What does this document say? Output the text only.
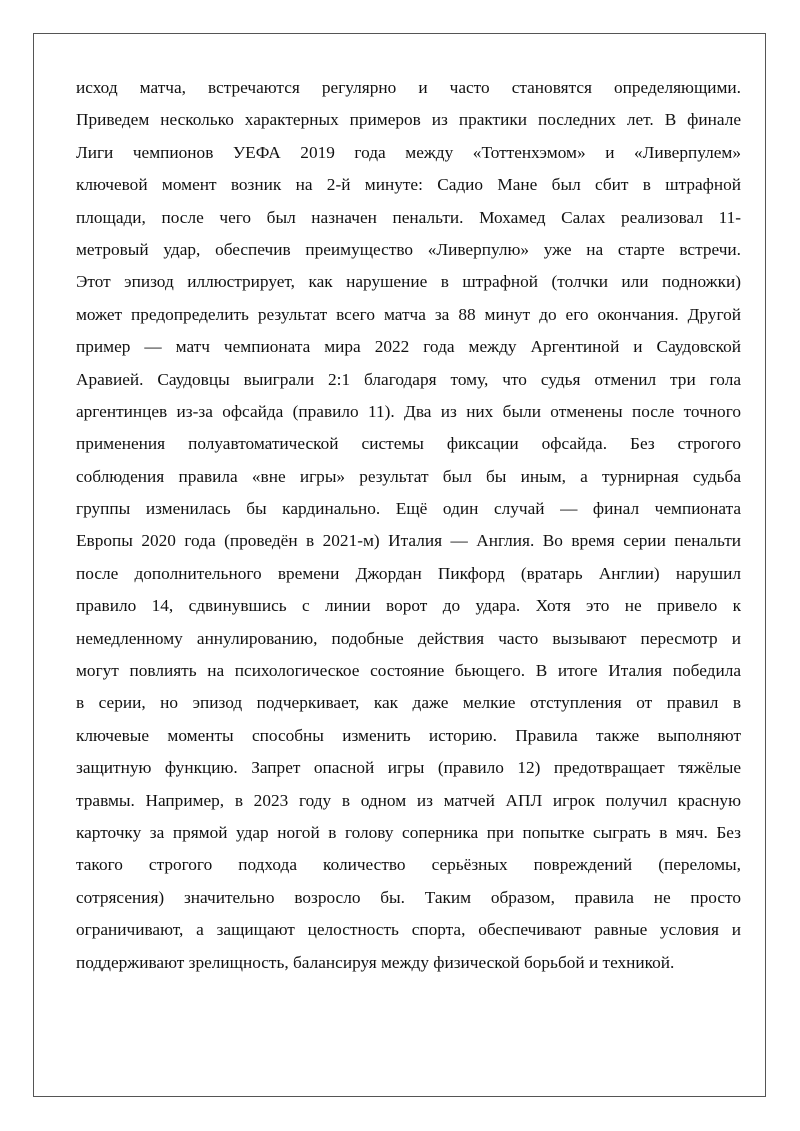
исход матча, встречаются регулярно и часто становятся определяющими.
Приведем несколько характерных примеров из практики последних лет. В финале
Лиги чемпионов УЕФА 2019 года между «Тоттенхэмом» и «Ливерпулем»
ключевой момент возник на 2-й минуте: Садио Мане был сбит в штрафной
площади, после чего был назначен пенальти. Мохамед Салах реализовал 11-
метровый удар, обеспечив преимущество «Ливерпулю» уже на старте встречи.
Этот эпизод иллюстрирует, как нарушение в штрафной (толчки или подножки)
может предопределить результат всего матча за 88 минут до его окончания. Другой
пример — матч чемпионата мира 2022 года между Аргентиной и Саудовской
Аравией. Саудовцы выиграли 2:1 благодаря тому, что судья отменил три гола
аргентинцев из-за офсайда (правило 11). Два из них были отменены после точного
применения полуавтоматической системы фиксации офсайда. Без строгого
соблюдения правила «вне игры» результат был бы иным, а турнирная судьба
группы изменилась бы кардинально. Ещё один случай — финал чемпионата
Европы 2020 года (проведён в 2021-м) Италия — Англия. Во время серии пенальти
после дополнительного времени Джордан Пикфорд (вратарь Англии) нарушил
правило 14, сдвинувшись с линии ворот до удара. Хотя это не привело к
немедленному аннулированию, подобные действия часто вызывают пересмотр и
могут повлиять на психологическое состояние бьющего. В итоге Италия победила
в серии, но эпизод подчеркивает, как даже мелкие отступления от правил в
ключевые моменты способны изменить историю. Правила также выполняют
защитную функцию. Запрет опасной игры (правило 12) предотвращает тяжёлые
травмы. Например, в 2023 году в одном из матчей АПЛ игрок получил красную
карточку за прямой удар ногой в голову соперника при попытке сыграть в мяч. Без
такого строгого подхода количество серьёзных повреждений (переломы,
сотрясения) значительно возросло бы. Таким образом, правила не просто
ограничивают, а защищают целостность спорта, обеспечивают равные условия и
поддерживают зрелищность, балансируя между физической борьбой и техникой.
